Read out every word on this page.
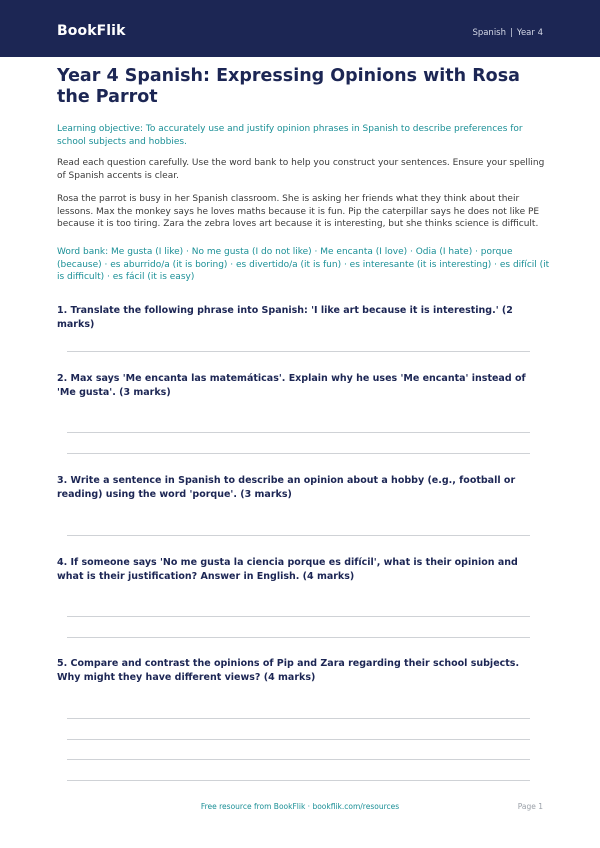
BookFlik	Spanish | Year 4
Year 4 Spanish: Expressing Opinions with Rosa the Parrot
Learning objective: To accurately use and justify opinion phrases in Spanish to describe preferences for school subjects and hobbies.
Read each question carefully. Use the word bank to help you construct your sentences. Ensure your spelling of Spanish accents is clear.
Rosa the parrot is busy in her Spanish classroom. She is asking her friends what they think about their lessons. Max the monkey says he loves maths because it is fun. Pip the caterpillar says he does not like PE because it is too tiring. Zara the zebra loves art because it is interesting, but she thinks science is difficult.
Word bank: Me gusta (I like) · No me gusta (I do not like) · Me encanta (I love) · Odia (I hate) · porque (because) · es aburrido/a (it is boring) · es divertido/a (it is fun) · es interesante (it is interesting) · es difícil (it is difficult) · es fácil (it is easy)
1. Translate the following phrase into Spanish: 'I like art because it is interesting.' (2 marks)
2. Max says 'Me encanta las matemáticas'. Explain why he uses 'Me encanta' instead of 'Me gusta'. (3 marks)
3. Write a sentence in Spanish to describe an opinion about a hobby (e.g., football or reading) using the word 'porque'. (3 marks)
4. If someone says 'No me gusta la ciencia porque es difícil', what is their opinion and what is their justification? Answer in English. (4 marks)
5. Compare and contrast the opinions of Pip and Zara regarding their school subjects. Why might they have different views? (4 marks)
Free resource from BookFlik · bookflik.com/resources	Page 1
